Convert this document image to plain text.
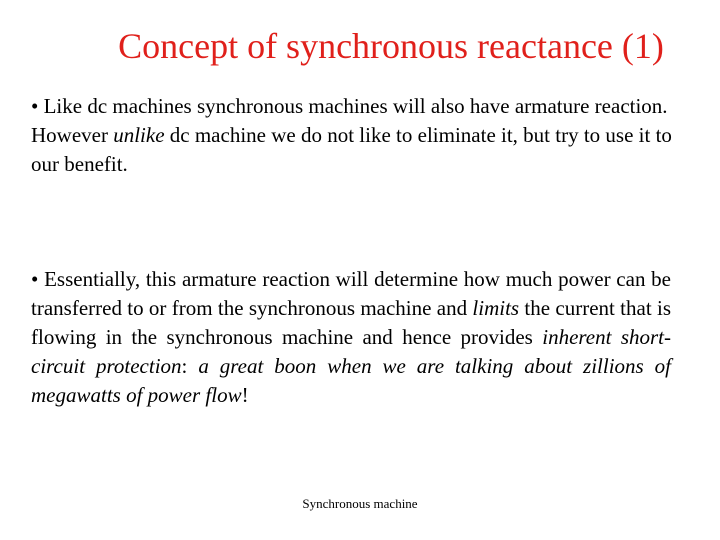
Concept of synchronous reactance (1)
• Like dc machines synchronous machines will also have armature reaction. However unlike dc machine we do not like to eliminate it, but try to use it to our benefit.
• Essentially, this armature reaction will determine how much power can be transferred to or from the synchronous machine and limits the current that is flowing in the synchronous machine and hence provides inherent short-circuit protection: a great boon when we are talking about zillions of megawatts of power flow!
Synchronous machine
